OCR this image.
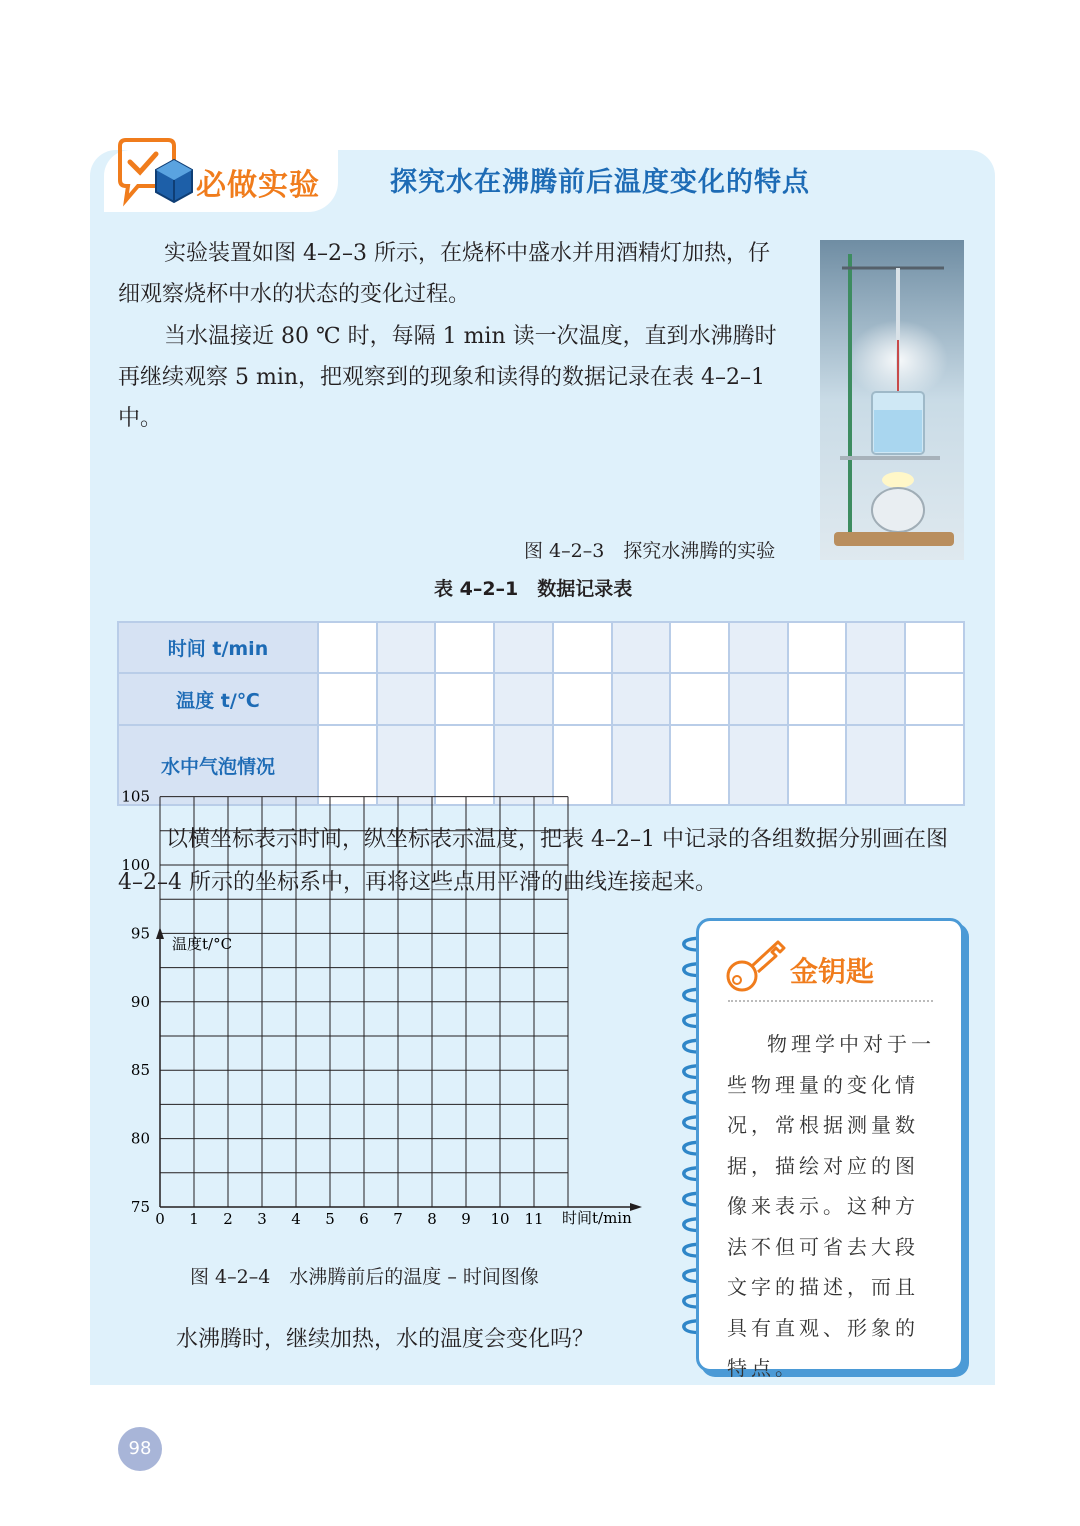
必做实验	探究水在沸腾前后温度变化的特点

实验装置如图 4–2–3 所示，在烧杯中盛水并用酒精灯加热，仔细观察烧杯中水的状态的变化过程。

当水温接近 80 ℃ 时，每隔 1 min 读一次温度，直到水沸腾时再继续观察 5 min，把观察到的现象和读得的数据记录在表 4–2–1 中。

图 4–2–3　探究水沸腾的实验
表 4–2–1　数据记录表
时间 t/min											
温度 t/℃											
水中气泡情况											

以横坐标表示时间，纵坐标表示温度，把表 4–2–1 中记录的各组数据分别画在图 4–2–4 所示的坐标系中，再将这些点用平滑的曲线连接起来。

0 1 2 3 4 5 6 7 8 9 10 11
75
80
85
90
95
100
105
温度t/°C
时间t/min
图 4–2–4　水沸腾前后的温度 – 时间图像
水沸腾时，继续加热，水的温度会变化吗？
金钥匙

物理学中对于一些物理量的变化情况，常根据测量数据，描绘对应的图像来表示。这种方法不但可省去大段文字的描述，而且具有直观、形象的特点。

98
